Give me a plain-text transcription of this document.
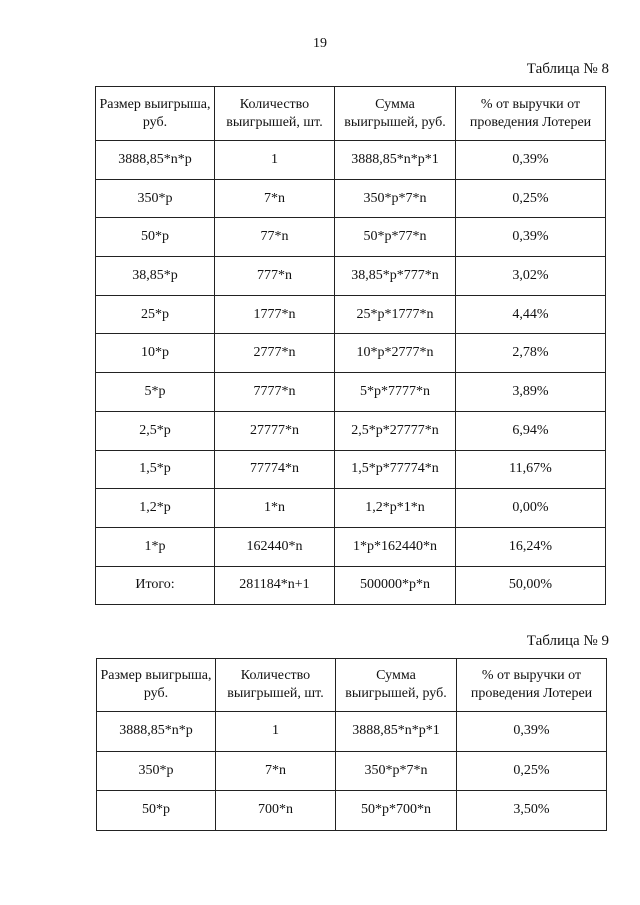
19
Таблица № 8
Размер выигрыша, руб.	Количество выигрышей, шт.	Сумма выигрышей, руб.	% от выручки от проведения Лотереи
3888,85*n*p	1	3888,85*n*p*1	0,39%
350*p	7*n	350*p*7*n	0,25%
50*p	77*n	50*p*77*n	0,39%
38,85*p	777*n	38,85*p*777*n	3,02%
25*p	1777*n	25*p*1777*n	4,44%
10*p	2777*n	10*p*2777*n	2,78%
5*p	7777*n	5*p*7777*n	3,89%
2,5*p	27777*n	2,5*p*27777*n	6,94%
1,5*p	77774*n	1,5*p*77774*n	11,67%
1,2*p	1*n	1,2*p*1*n	0,00%
1*p	162440*n	1*p*162440*n	16,24%
Итого:	281184*n+1	500000*p*n	50,00%
Таблица № 9
Размер выигрыша, руб.	Количество выигрышей, шт.	Сумма выигрышей, руб.	% от выручки от проведения Лотереи
3888,85*n*p	1	3888,85*n*p*1	0,39%
350*p	7*n	350*p*7*n	0,25%
50*p	700*n	50*p*700*n	3,50%
